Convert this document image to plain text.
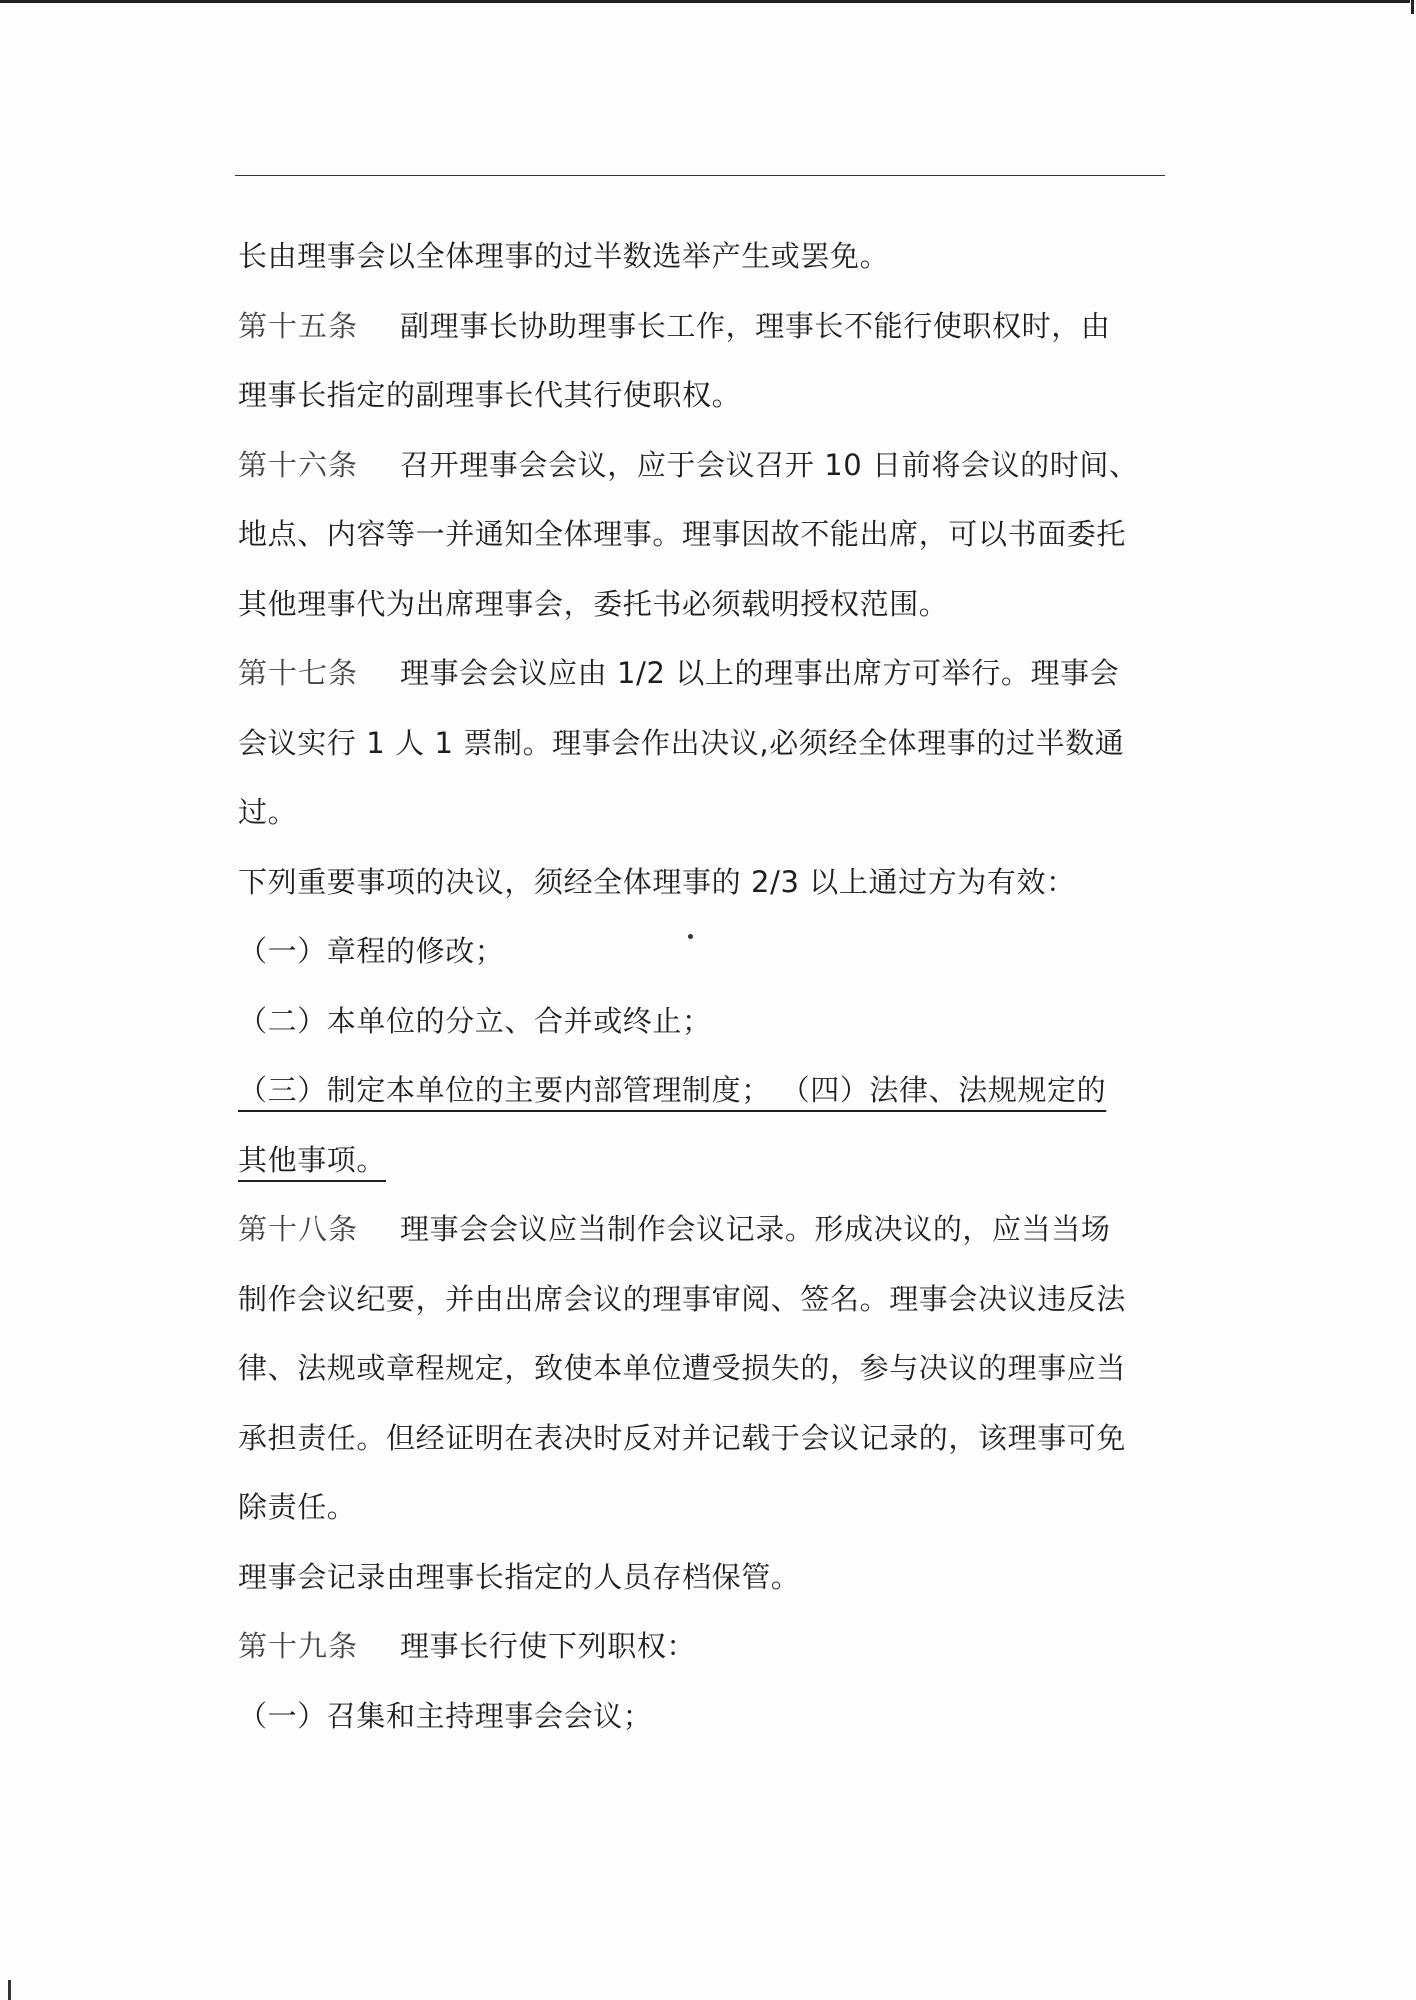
长由理事会以全体理事的过半数选举产生或罢免。
第十五条 副理事长协助理事长工作，理事长不能行使职权时，由
理事长指定的副理事长代其行使职权。
第十六条 召开理事会会议，应于会议召开 10 日前将会议的时间、
地点、内容等一并通知全体理事。理事因故不能出席，可以书面委托
其他理事代为出席理事会，委托书必须载明授权范围。
第十七条 理事会会议应由 1/2 以上的理事出席方可举行。理事会
会议实行 1 人 1 票制。理事会作出决议,必须经全体理事的过半数通
过。
下列重要事项的决议，须经全体理事的 2/3 以上通过方为有效：
（一）章程的修改；
（二）本单位的分立、合并或终止；
（三）制定本单位的主要内部管理制度； （四）法律、法规规定的
其他事项。
第十八条 理事会会议应当制作会议记录。形成决议的，应当当场
制作会议纪要，并由出席会议的理事审阅、签名。理事会决议违反法
律、法规或章程规定，致使本单位遭受损失的，参与决议的理事应当
承担责任。但经证明在表决时反对并记载于会议记录的，该理事可免
除责任。
理事会记录由理事长指定的人员存档保管。
第十九条 理事长行使下列职权：
（一）召集和主持理事会会议；
